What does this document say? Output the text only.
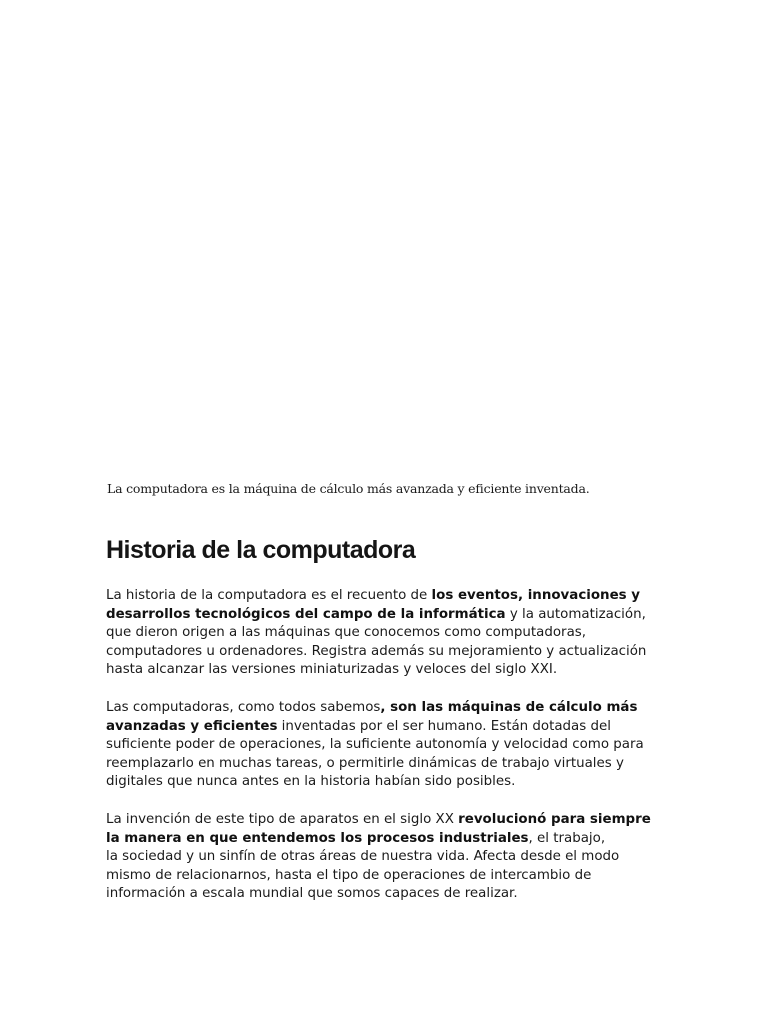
La computadora es la máquina de cálculo más avanzada y eficiente inventada.
Historia de la computadora
La historia de la computadora es el recuento de los eventos, innovaciones y
desarrollos tecnológicos del campo de la informática y la automatización,
que dieron origen a las máquinas que conocemos como computadoras,
computadores u ordenadores. Registra además su mejoramiento y actualización
hasta alcanzar las versiones miniaturizadas y veloces del siglo XXI.
Las computadoras, como todos sabemos, son las máquinas de cálculo más
avanzadas y eficientes inventadas por el ser humano. Están dotadas del
suficiente poder de operaciones, la suficiente autonomía y velocidad como para
reemplazarlo en muchas tareas, o permitirle dinámicas de trabajo virtuales y
digitales que nunca antes en la historia habían sido posibles.
La invención de este tipo de aparatos en el siglo XX revolucionó para siempre
la manera en que entendemos los procesos industriales, el trabajo,
la sociedad y un sinfín de otras áreas de nuestra vida. Afecta desde el modo
mismo de relacionarnos, hasta el tipo de operaciones de intercambio de
información a escala mundial que somos capaces de realizar.
